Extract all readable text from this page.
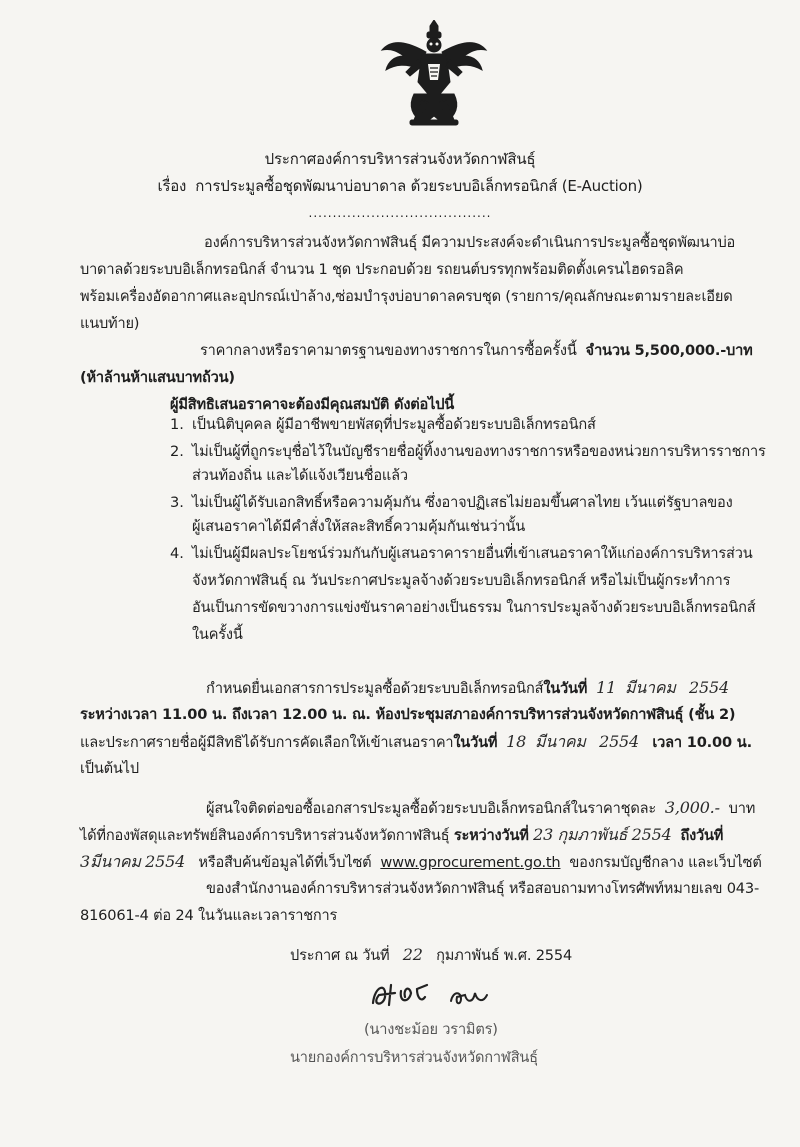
ประกาศองค์การบริหารส่วนจังหวัดกาฬสินธุ์
เรื่อง การประมูลซื้อชุดพัฒนาบ่อบาดาล ด้วยระบบอิเล็กทรอนิกส์ (E-Auction)
......................................
องค์การบริหารส่วนจังหวัดกาฬสินธุ์ มีความประสงค์จะดำเนินการประมูลซื้อชุดพัฒนาบ่อ
บาดาลด้วยระบบอิเล็กทรอนิกส์ จำนวน 1 ชุด ประกอบด้วย รถยนต์บรรทุกพร้อมติดตั้งเครนไฮดรอลิค
พร้อมเครื่องอัดอากาศและอุปกรณ์เป่าล้าง,ซ่อมบำรุงบ่อบาดาลครบชุด (รายการ/คุณลักษณะตามรายละเอียด
แนบท้าย)
ราคากลางหรือราคามาตรฐานของทางราชการในการซื้อครั้งนี้ จำนวน 5,500,000.-บาท
(ห้าล้านห้าแสนบาทถ้วน)
ผู้มีสิทธิเสนอราคาจะต้องมีคุณสมบัติ ดังต่อไปนี้
1. เป็นนิติบุคคล ผู้มีอาชีพขายพัสดุที่ประมูลซื้อด้วยระบบอิเล็กทรอนิกส์
2. ไม่เป็นผู้ที่ถูกระบุชื่อไว้ในบัญชีรายชื่อผู้ทิ้งงานของทางราชการหรือของหน่วยการบริหารราชการ
ส่วนท้องถิ่น และได้แจ้งเวียนชื่อแล้ว
3. ไม่เป็นผู้ได้รับเอกสิทธิ์หรือความคุ้มกัน ซึ่งอาจปฏิเสธไม่ยอมขึ้นศาลไทย เว้นแต่รัฐบาลของ
ผู้เสนอราคาได้มีคำสั่งให้สละสิทธิ์ความคุ้มกันเช่นว่านั้น
4. ไม่เป็นผู้มีผลประโยชน์ร่วมกันกับผู้เสนอราคารายอื่นที่เข้าเสนอราคาให้แก่องค์การบริหารส่วน
จังหวัดกาฬสินธุ์ ณ วันประกาศประมูลจ้างด้วยระบบอิเล็กทรอนิกส์ หรือไม่เป็นผู้กระทำการ
อันเป็นการขัดขวางการแข่งขันราคาอย่างเป็นธรรม ในการประมูลจ้างด้วยระบบอิเล็กทรอนิกส์
ในครั้งนี้
กำหนดยื่นเอกสารการประมูลซื้อด้วยระบบอิเล็กทรอนิกส์ในวันที่ 11 มีนาคม 2554
ระหว่างเวลา 11.00 น. ถึงเวลา 12.00 น. ณ. ห้องประชุมสภาองค์การบริหารส่วนจังหวัดกาฬสินธุ์ (ชั้น 2)
และประกาศรายชื่อผู้มีสิทธิได้รับการคัดเลือกให้เข้าเสนอราคาในวันที่ 18 มีนาคม 2554 เวลา 10.00 น.
เป็นต้นไป
ผู้สนใจติดต่อขอซื้อเอกสารประมูลซื้อด้วยระบบอิเล็กทรอนิกส์ในราคาชุดละ 3,000.- บาท
ได้ที่กองพัสดุและทรัพย์สินองค์การบริหารส่วนจังหวัดกาฬสินธุ์ ระหว่างวันที่ 23 กุมภาพันธ์ 2554 ถึงวันที่
3มีนาคม 2554 หรือสืบค้นข้อมูลได้ที่เว็บไซต์ www.gprocurement.go.th ของกรมบัญชีกลาง และเว็บไซต์
ของสำนักงานองค์การบริหารส่วนจังหวัดกาฬสินธุ์ หรือสอบถามทางโทรศัพท์หมายเลข 043-
816061-4 ต่อ 24 ในวันและเวลาราชการ
ประกาศ ณ วันที่ 22 กุมภาพันธ์ พ.ศ. 2554
(นางชะม้อย วรามิตร)
นายกองค์การบริหารส่วนจังหวัดกาฬสินธุ์
